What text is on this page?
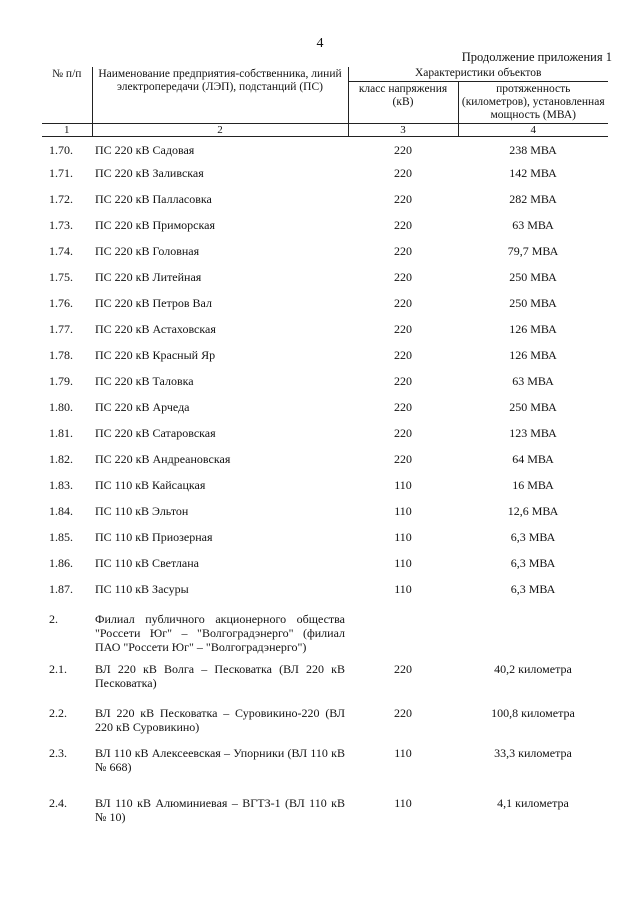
4
Продолжение приложения 1
№ п/п	Наименование предприятия-собственника, линий электропередачи (ЛЭП), подстанций (ПС)	Характеристики объектов	
		класс напряжения (кВ)	протяженность (километров), установленная мощность (МВА)
1	2	3	4
1.70.	ПС 220 кВ Садовая	220	238 МВА
1.71.	ПС 220 кВ Заливская	220	142 МВА
1.72.	ПС 220 кВ Палласовка	220	282 МВА
1.73.	ПС 220 кВ Приморская	220	63 МВА
1.74.	ПС 220 кВ Головная	220	79,7 МВА
1.75.	ПС 220 кВ Литейная	220	250 МВА
1.76.	ПС 220 кВ Петров Вал	220	250 МВА
1.77.	ПС 220 кВ Астаховская	220	126 МВА
1.78.	ПС 220 кВ Красный Яр	220	126 МВА
1.79.	ПС 220 кВ Таловка	220	63 МВА
1.80.	ПС 220 кВ Арчеда	220	250 МВА
1.81.	ПС 220 кВ Сатаровская	220	123 МВА
1.82.	ПС 220 кВ Андреановская	220	64 МВА
1.83.	ПС 110 кВ Кайсацкая	110	16 МВА
1.84.	ПС 110 кВ Эльтон	110	12,6 МВА
1.85.	ПС 110 кВ Приозерная	110	6,3 МВА
1.86.	ПС 110 кВ Светлана	110	6,3 МВА
1.87.	ПС 110 кВ Засуры	110	6,3 МВА
2.	Филиал публичного акционерного общества "Россети Юг" – "Волгоградэнерго" (филиал ПАО "Россети Юг" – "Волгоградэнерго")		
2.1.	ВЛ 220 кВ Волга – Песковатка (ВЛ 220 кВ Песковатка)	220	40,2 километра
2.2.	ВЛ 220 кВ Песковатка – Суровикино-220 (ВЛ 220 кВ Суровикино)	220	100,8 километра
2.3.	ВЛ 110 кВ Алексеевская – Упорники (ВЛ 110 кВ № 668)	110	33,3 километра
2.4.	ВЛ 110 кВ Алюминиевая – ВГТЗ-1 (ВЛ 110 кВ № 10)	110	4,1 километра
